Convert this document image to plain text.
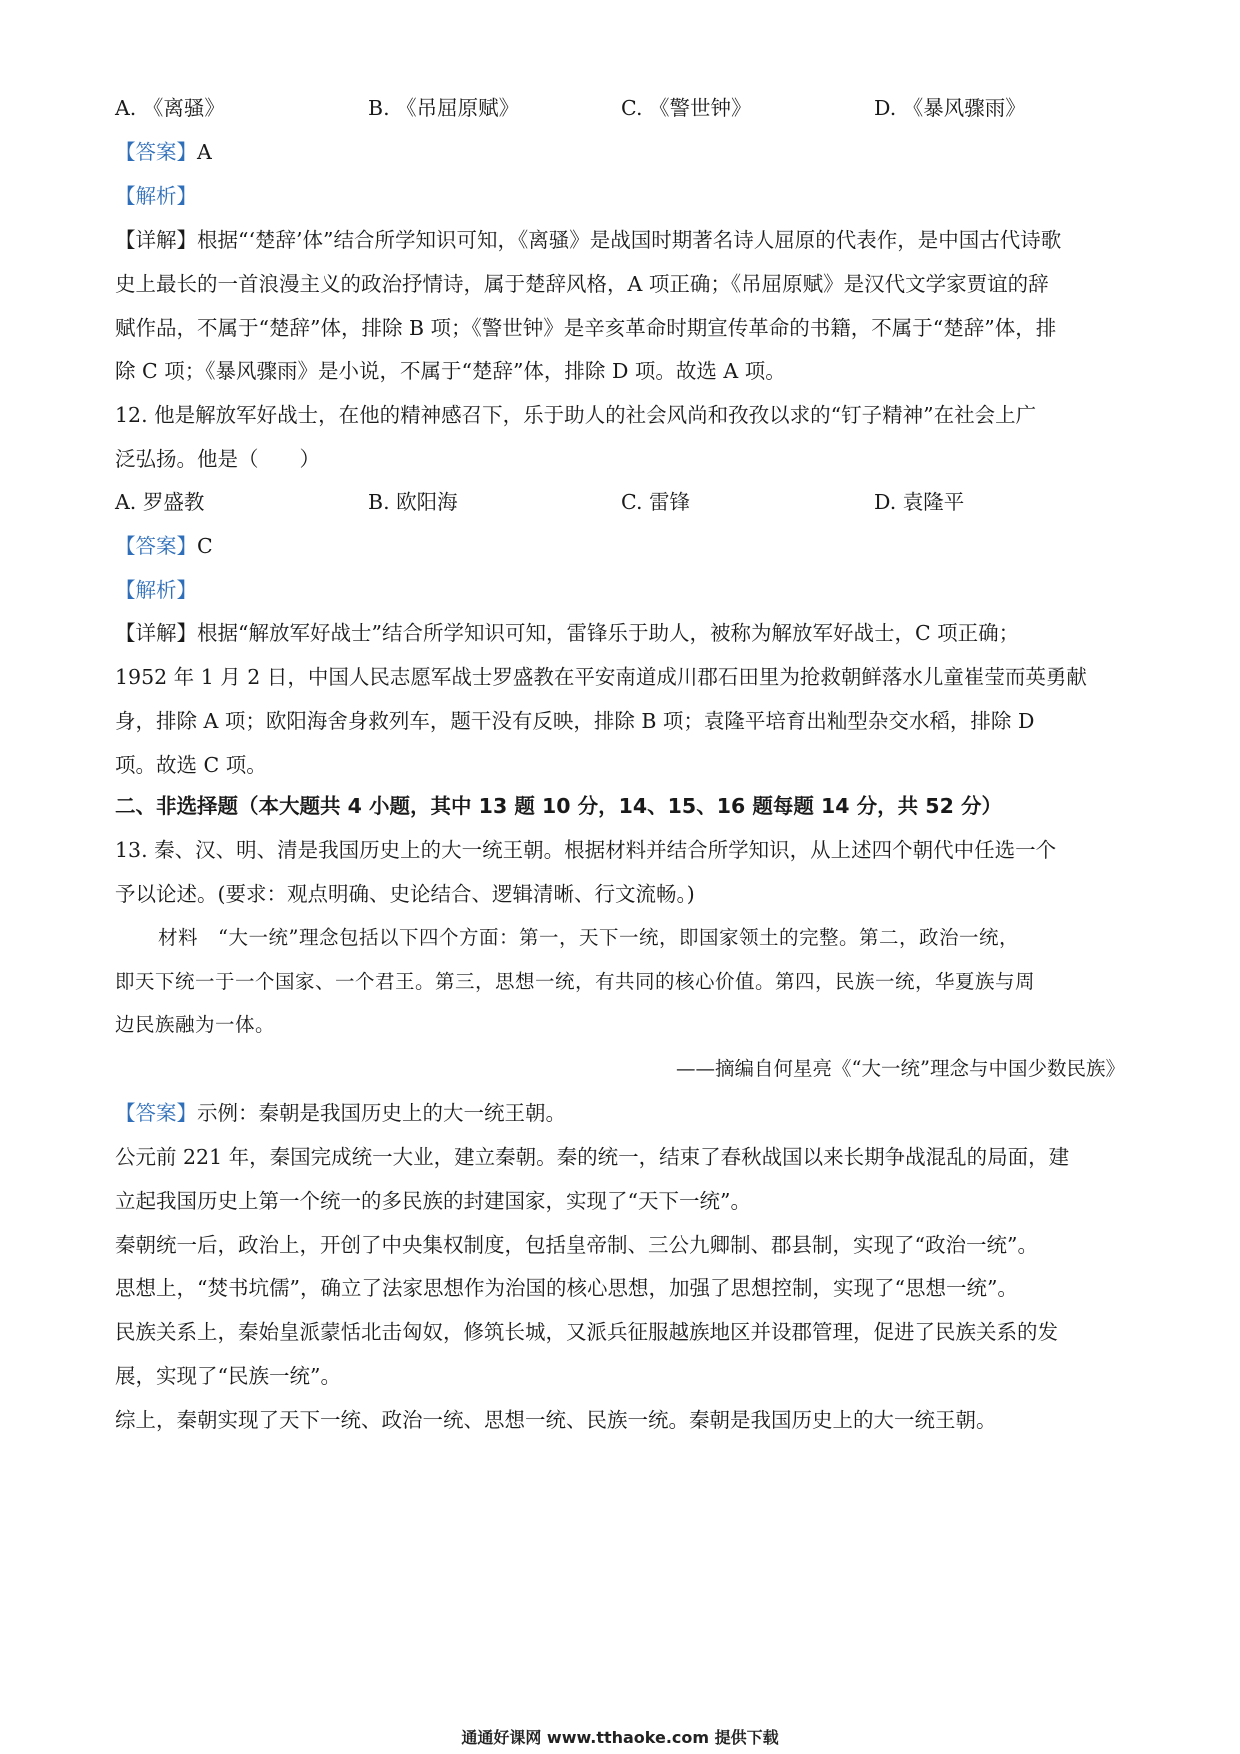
A. 《离骚》	B. 《吊屈原赋》	C. 《警世钟》	D. 《暴风骤雨》
【答案】A
【解析】
【详解】根据“‘楚辞’体”结合所学知识可知，《离骚》是战国时期著名诗人屈原的代表作，是中国古代诗歌
史上最长的一首浪漫主义的政治抒情诗，属于楚辞风格，A 项正确；《吊屈原赋》是汉代文学家贾谊的辞
赋作品，不属于“楚辞”体，排除 B 项；《警世钟》是辛亥革命时期宣传革命的书籍，不属于“楚辞”体，排
除 C 项；《暴风骤雨》是小说，不属于“楚辞”体，排除 D 项。故选 A 项。
12. 他是解放军好战士，在他的精神感召下，乐于助人的社会风尚和孜孜以求的“钉子精神”在社会上广
泛弘扬。他是（　　）
A. 罗盛教	B. 欧阳海	C. 雷锋	D. 袁隆平
【答案】C
【解析】
【详解】根据“解放军好战士”结合所学知识可知，雷锋乐于助人，被称为解放军好战士，C 项正确；
1952 年 1 月 2 日，中国人民志愿军战士罗盛教在平安南道成川郡石田里为抢救朝鲜落水儿童崔莹而英勇献
身，排除 A 项；欧阳海舍身救列车，题干没有反映，排除 B 项；袁隆平培育出籼型杂交水稻，排除 D
项。故选 C 项。
二、非选择题（本大题共 4 小题，其中 13 题 10 分，14、15、16 题每题 14 分，共 52 分）
13. 秦、汉、明、清是我国历史上的大一统王朝。根据材料并结合所学知识，从上述四个朝代中任选一个
予以论述。(要求：观点明确、史论结合、逻辑清晰、行文流畅。)
材料　“大一统”理念包括以下四个方面：第一，天下一统，即国家领土的完整。第二，政治一统，
即天下统一于一个国家、一个君王。第三，思想一统，有共同的核心价值。第四，民族一统，华夏族与周
边民族融为一体。
——摘编自何星亮《“大一统”理念与中国少数民族》
【答案】示例：秦朝是我国历史上的大一统王朝。
公元前 221 年，秦国完成统一大业，建立秦朝。秦的统一，结束了春秋战国以来长期争战混乱的局面，建
立起我国历史上第一个统一的多民族的封建国家，实现了“天下一统”。
秦朝统一后，政治上，开创了中央集权制度，包括皇帝制、三公九卿制、郡县制，实现了“政治一统”。
思想上，“焚书坑儒”，确立了法家思想作为治国的核心思想，加强了思想控制，实现了“思想一统”。
民族关系上，秦始皇派蒙恬北击匈奴，修筑长城，又派兵征服越族地区并设郡管理，促进了民族关系的发
展，实现了“民族一统”。
综上，秦朝实现了天下一统、政治一统、思想一统、民族一统。秦朝是我国历史上的大一统王朝。
通通好课网 www.tthaoke.com 提供下载
